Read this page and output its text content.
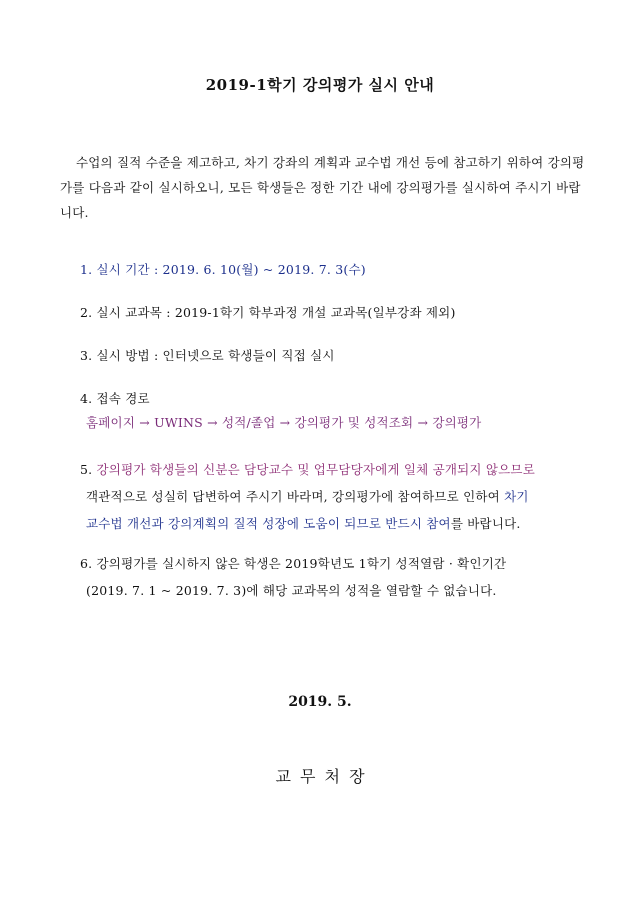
2019-1학기 강의평가 실시 안내

수업의 질적 수준을 제고하고, 차기 강좌의 계획과 교수법 개선 등에 참고하기 위하여 강의평가를 다음과 같이 실시하오니, 모든 학생들은 정한 기간 내에 강의평가를 실시하여 주시기 바랍니다.

1. 실시 기간 : 2019. 6. 10(월) ~ 2019. 7. 3(수)
2. 실시 교과목 : 2019-1학기 학부과정 개설 교과목(일부강좌 제외)
3. 실시 방법 : 인터넷으로 학생들이 직접 실시
4. 접속 경로
홈페이지 → UWINS → 성적/졸업 → 강의평가 및 성적조회 → 강의평가
5. 강의평가 학생들의 신분은 담당교수 및 업무담당자에게 일체 공개되지 않으므로
객관적으로 성실히 답변하여 주시기 바라며, 강의평가에 참여하므로 인하여 차기
교수법 개선과 강의계획의 질적 성장에 도움이 되므로 반드시 참여를 바랍니다.
6. 강의평가를 실시하지 않은 학생은 2019학년도 1학기 성적열람 · 확인기간
(2019. 7. 1 ~ 2019. 7. 3)에 해당 교과목의 성적을 열람할 수 없습니다.
2019. 5.
교 무 처 장
